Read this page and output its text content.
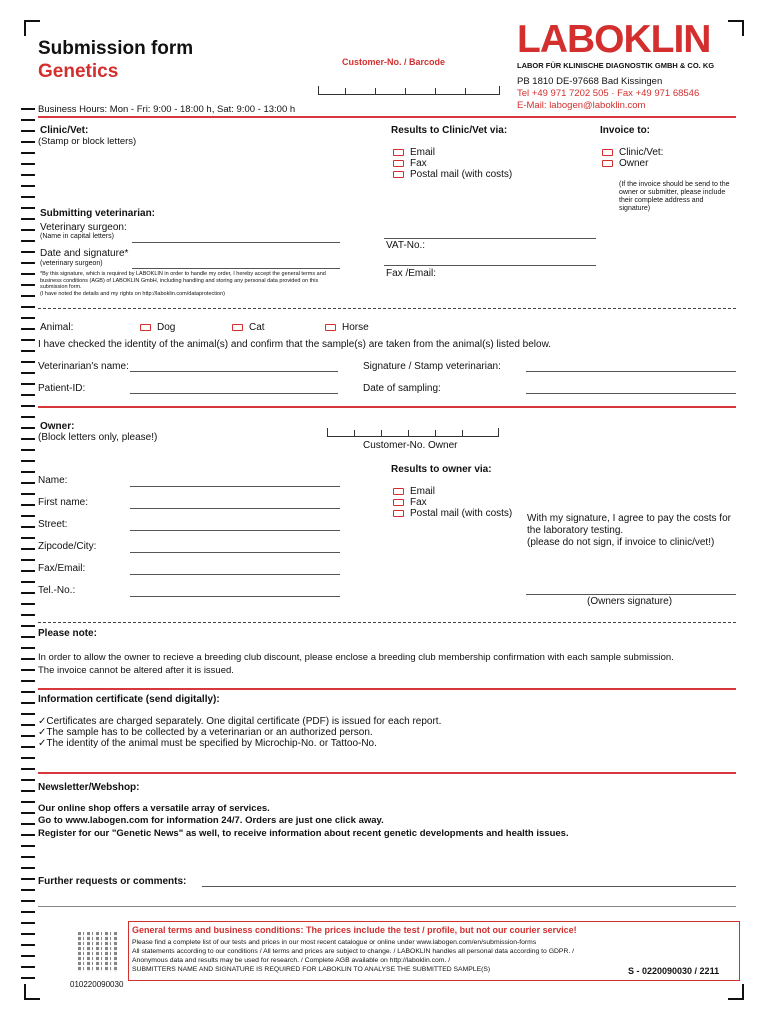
Submission form
Genetics	Customer-No. / Barcode
LABOKLIN
LABOR FÜR KLINISCHE DIAGNOSTIK GMBH & CO. KG
PB 1810 DE-97668 Bad Kissingen
Tel +49 971 7202 505 · Fax +49 971 68546
E-Mail: labogen@laboklin.com
Business Hours: Mon - Fri: 9:00 - 18:00 h, Sat: 9:00 - 13:00 h
Clinic/Vet:
(Stamp or block letters)
Results to Clinic/Vet via:	Invoice to:
Email
Fax
Postal mail (with costs)
Clinic/Vet:
Owner
(If the invoice should be send to the owner or submitter, please include their complete address and signature)
Submitting veterinarian:
Veterinary surgeon:
(Name in capital letters)
VAT-No.:
Date and signature*
(veterinary surgeon)
Fax /Email:
*By this signature, which is required by LABOKLIN in order to handle my order, I hereby accept the general terms and business conditions (AGB) of LABOKLIN GmbH, including handling and storing any personal data provided on this submission form.
(I have noted the details and my rights on http://laboklin.com/dataprotection)
Animal:	Dog	Cat	Horse
I have checked the identity of the animal(s) and confirm that the sample(s) are taken from the animal(s) listed below.
Veterinarian's name:	Signature / Stamp veterinarian:
Patient-ID:	Date of sampling:
Owner:
(Block letters only, please!)
Customer-No. Owner
Results to owner via:
Email
Fax
Postal mail (with costs)
Name:
First name:
Street:
Zipcode/City:
Fax/Email:
Tel.-No.:
With my signature, I agree to pay the costs for the laboratory testing.
(please do not sign, if invoice to clinic/vet!)
(Owners signature)
Please note:
In order to allow the owner to recieve a breeding club discount, please enclose a breeding club membership confirmation with each sample submission.
The invoice cannot be altered after it is issued.
Information certificate (send digitally):
✓Certificates are charged separately. One digital certificate (PDF) is issued for each report.
✓The sample has to be collected by a veterinarian or an authorized person.
✓The identity of the animal must be specified by Microchip-No. or Tattoo-No.
Newsletter/Webshop:
Our online shop offers a versatile array of services.
Go to www.labogen.com for information 24/7. Orders are just one click away.
Register for our "Genetic News" as well, to receive information about recent genetic developments and health issues.
Further requests or comments:
010220090030
General terms and business conditions: The prices include the test / profile, but not our courier service!
Please find a complete list of our tests and prices in our most recent catalogue or online under www.labogen.com/en/submission-forms
All statements according to our conditions / All terms and prices are subject to change. / LABOKLIN handles all personal data according to GDPR. /
Anonymous data and results may be used for research. / Complete AGB available on http://laboklin.com. /
SUBMITTERS NAME AND SIGNATURE IS REQUIRED FOR LABOKLIN TO ANALYSE THE SUBMITTED SAMPLE(S)	S - 0220090030 / 2211
